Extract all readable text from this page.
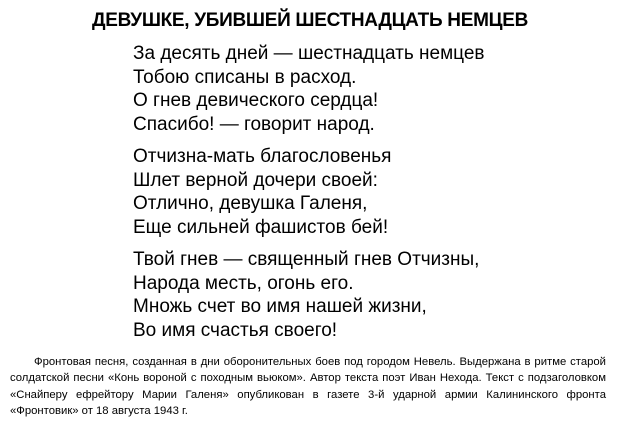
ДЕВУШКЕ, УБИВШЕЙ ШЕСТНАДЦАТЬ НЕМЦЕВ
За десять дней — шестнадцать немцев
Тобою списаны в расход.
О гнев девического сердца!
Спасибо! — говорит народ.
Отчизна-мать благословенья
Шлет верной дочери своей:
Отлично, девушка Галеня,
Еще сильней фашистов бей!
Твой гнев — священный гнев Отчизны,
Народа месть, огонь его.
Множь счет во имя нашей жизни,
Во имя счастья своего!
Фронтовая песня, созданная в дни оборонительных боев под городом Невель. Выдержана в ритме старой солдатской песни «Конь вороной с походным вьюком». Автор текста поэт Иван Нехода. Текст с подзаголовком «Снайперу ефрейтору Марии Галеня» опубликован в газете 3-й ударной армии Калининского фронта «Фронтовик» от 18 августа 1943 г.
